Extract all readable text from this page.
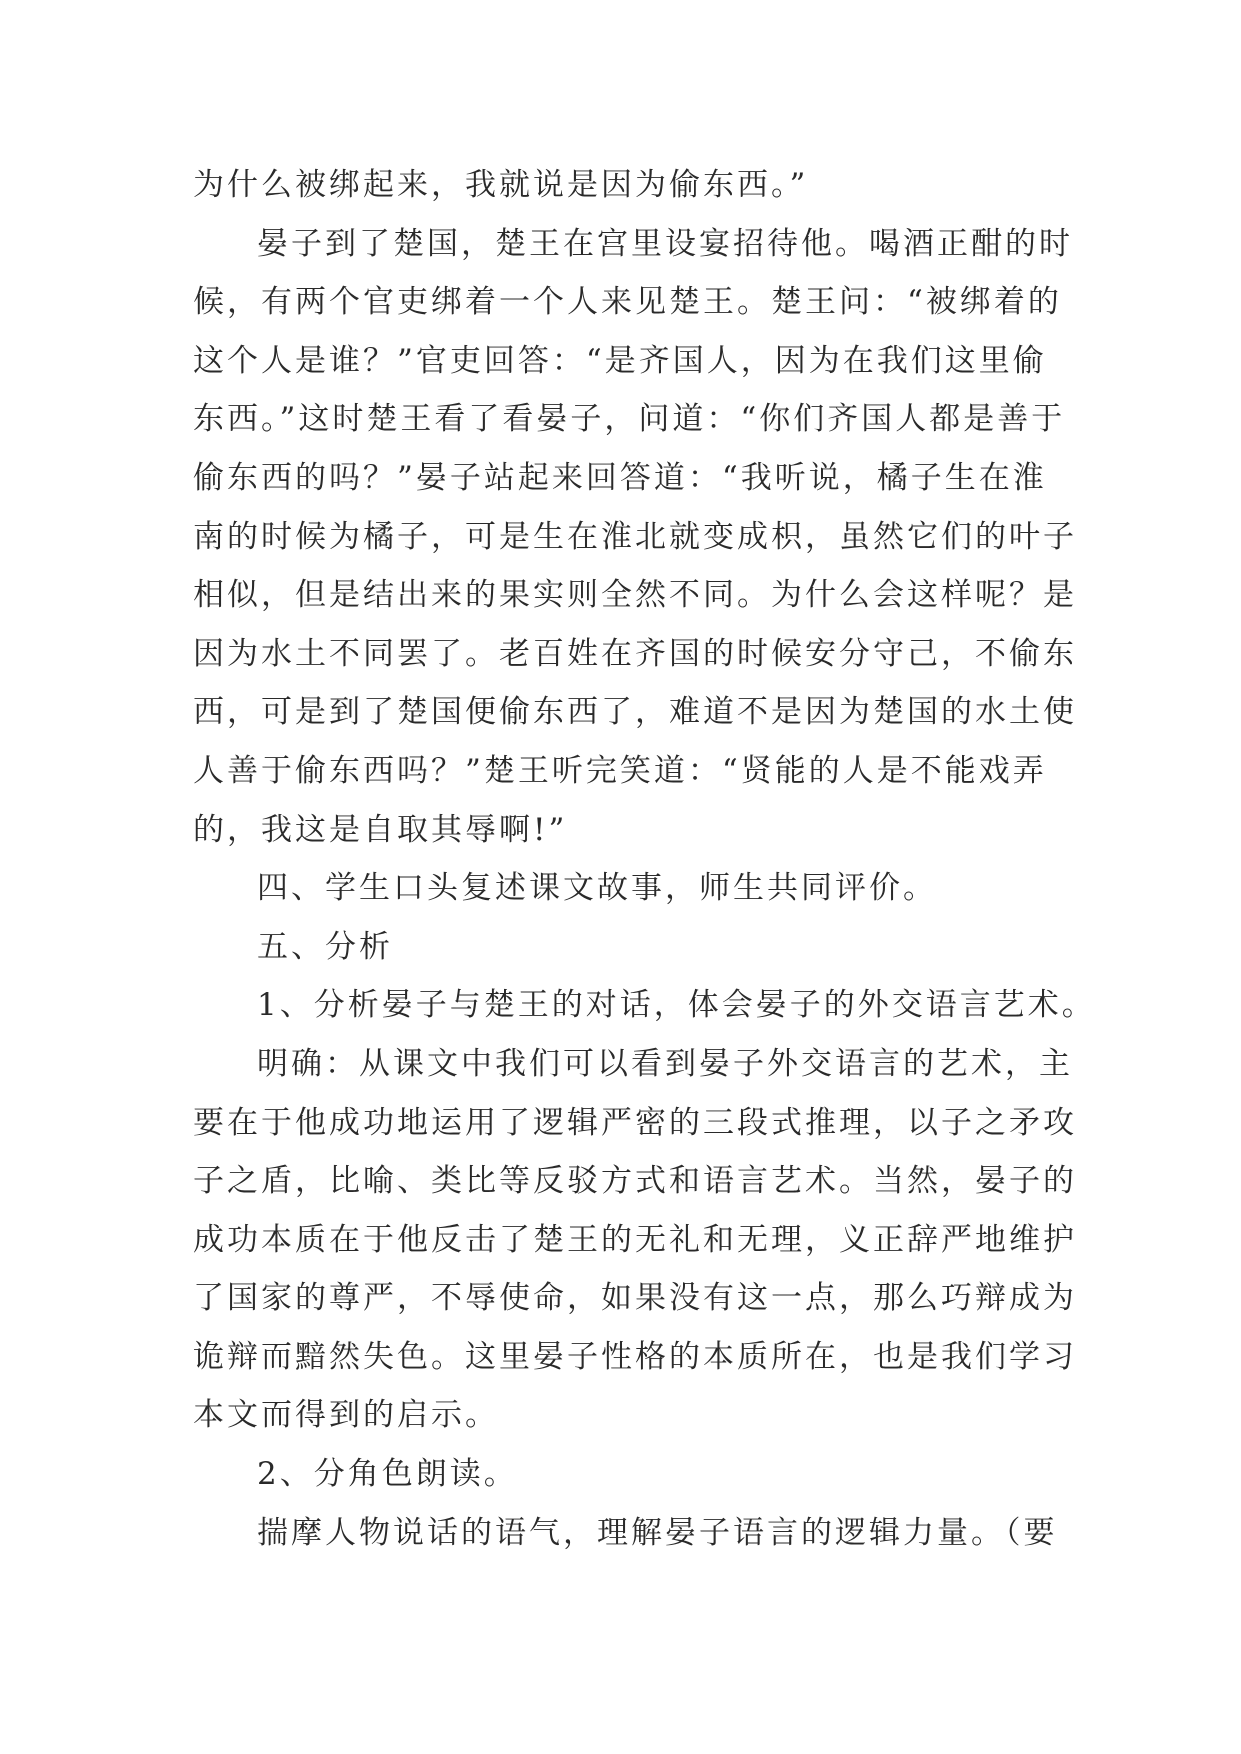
为什么被绑起来，我就说是因为偷东西。”
晏子到了楚国，楚王在宫里设宴招待他。喝酒正酣的时
候，有两个官吏绑着一个人来见楚王。楚王问：“被绑着的
这个人是谁？”官吏回答：“是齐国人，因为在我们这里偷
东西。”这时楚王看了看晏子，问道：“你们齐国人都是善于
偷东西的吗？”晏子站起来回答道：“我听说，橘子生在淮
南的时候为橘子，可是生在淮北就变成枳，虽然它们的叶子
相似，但是结出来的果实则全然不同。为什么会这样呢？是
因为水土不同罢了。老百姓在齐国的时候安分守己，不偷东
西，可是到了楚国便偷东西了，难道不是因为楚国的水土使
人善于偷东西吗？”楚王听完笑道：“贤能的人是不能戏弄
的，我这是自取其辱啊!”
四、学生口头复述课文故事，师生共同评价。
五、分析
1、分析晏子与楚王的对话，体会晏子的外交语言艺术。
明确：从课文中我们可以看到晏子外交语言的艺术，主
要在于他成功地运用了逻辑严密的三段式推理，以子之矛攻
子之盾，比喻、类比等反驳方式和语言艺术。当然，晏子的
成功本质在于他反击了楚王的无礼和无理，义正辞严地维护
了国家的尊严，不辱使命，如果没有这一点，那么巧辩成为
诡辩而黯然失色。这里晏子性格的本质所在，也是我们学习
本文而得到的启示。
2、分角色朗读。
揣摩人物说话的语气，理解晏子语言的逻辑力量。（要
